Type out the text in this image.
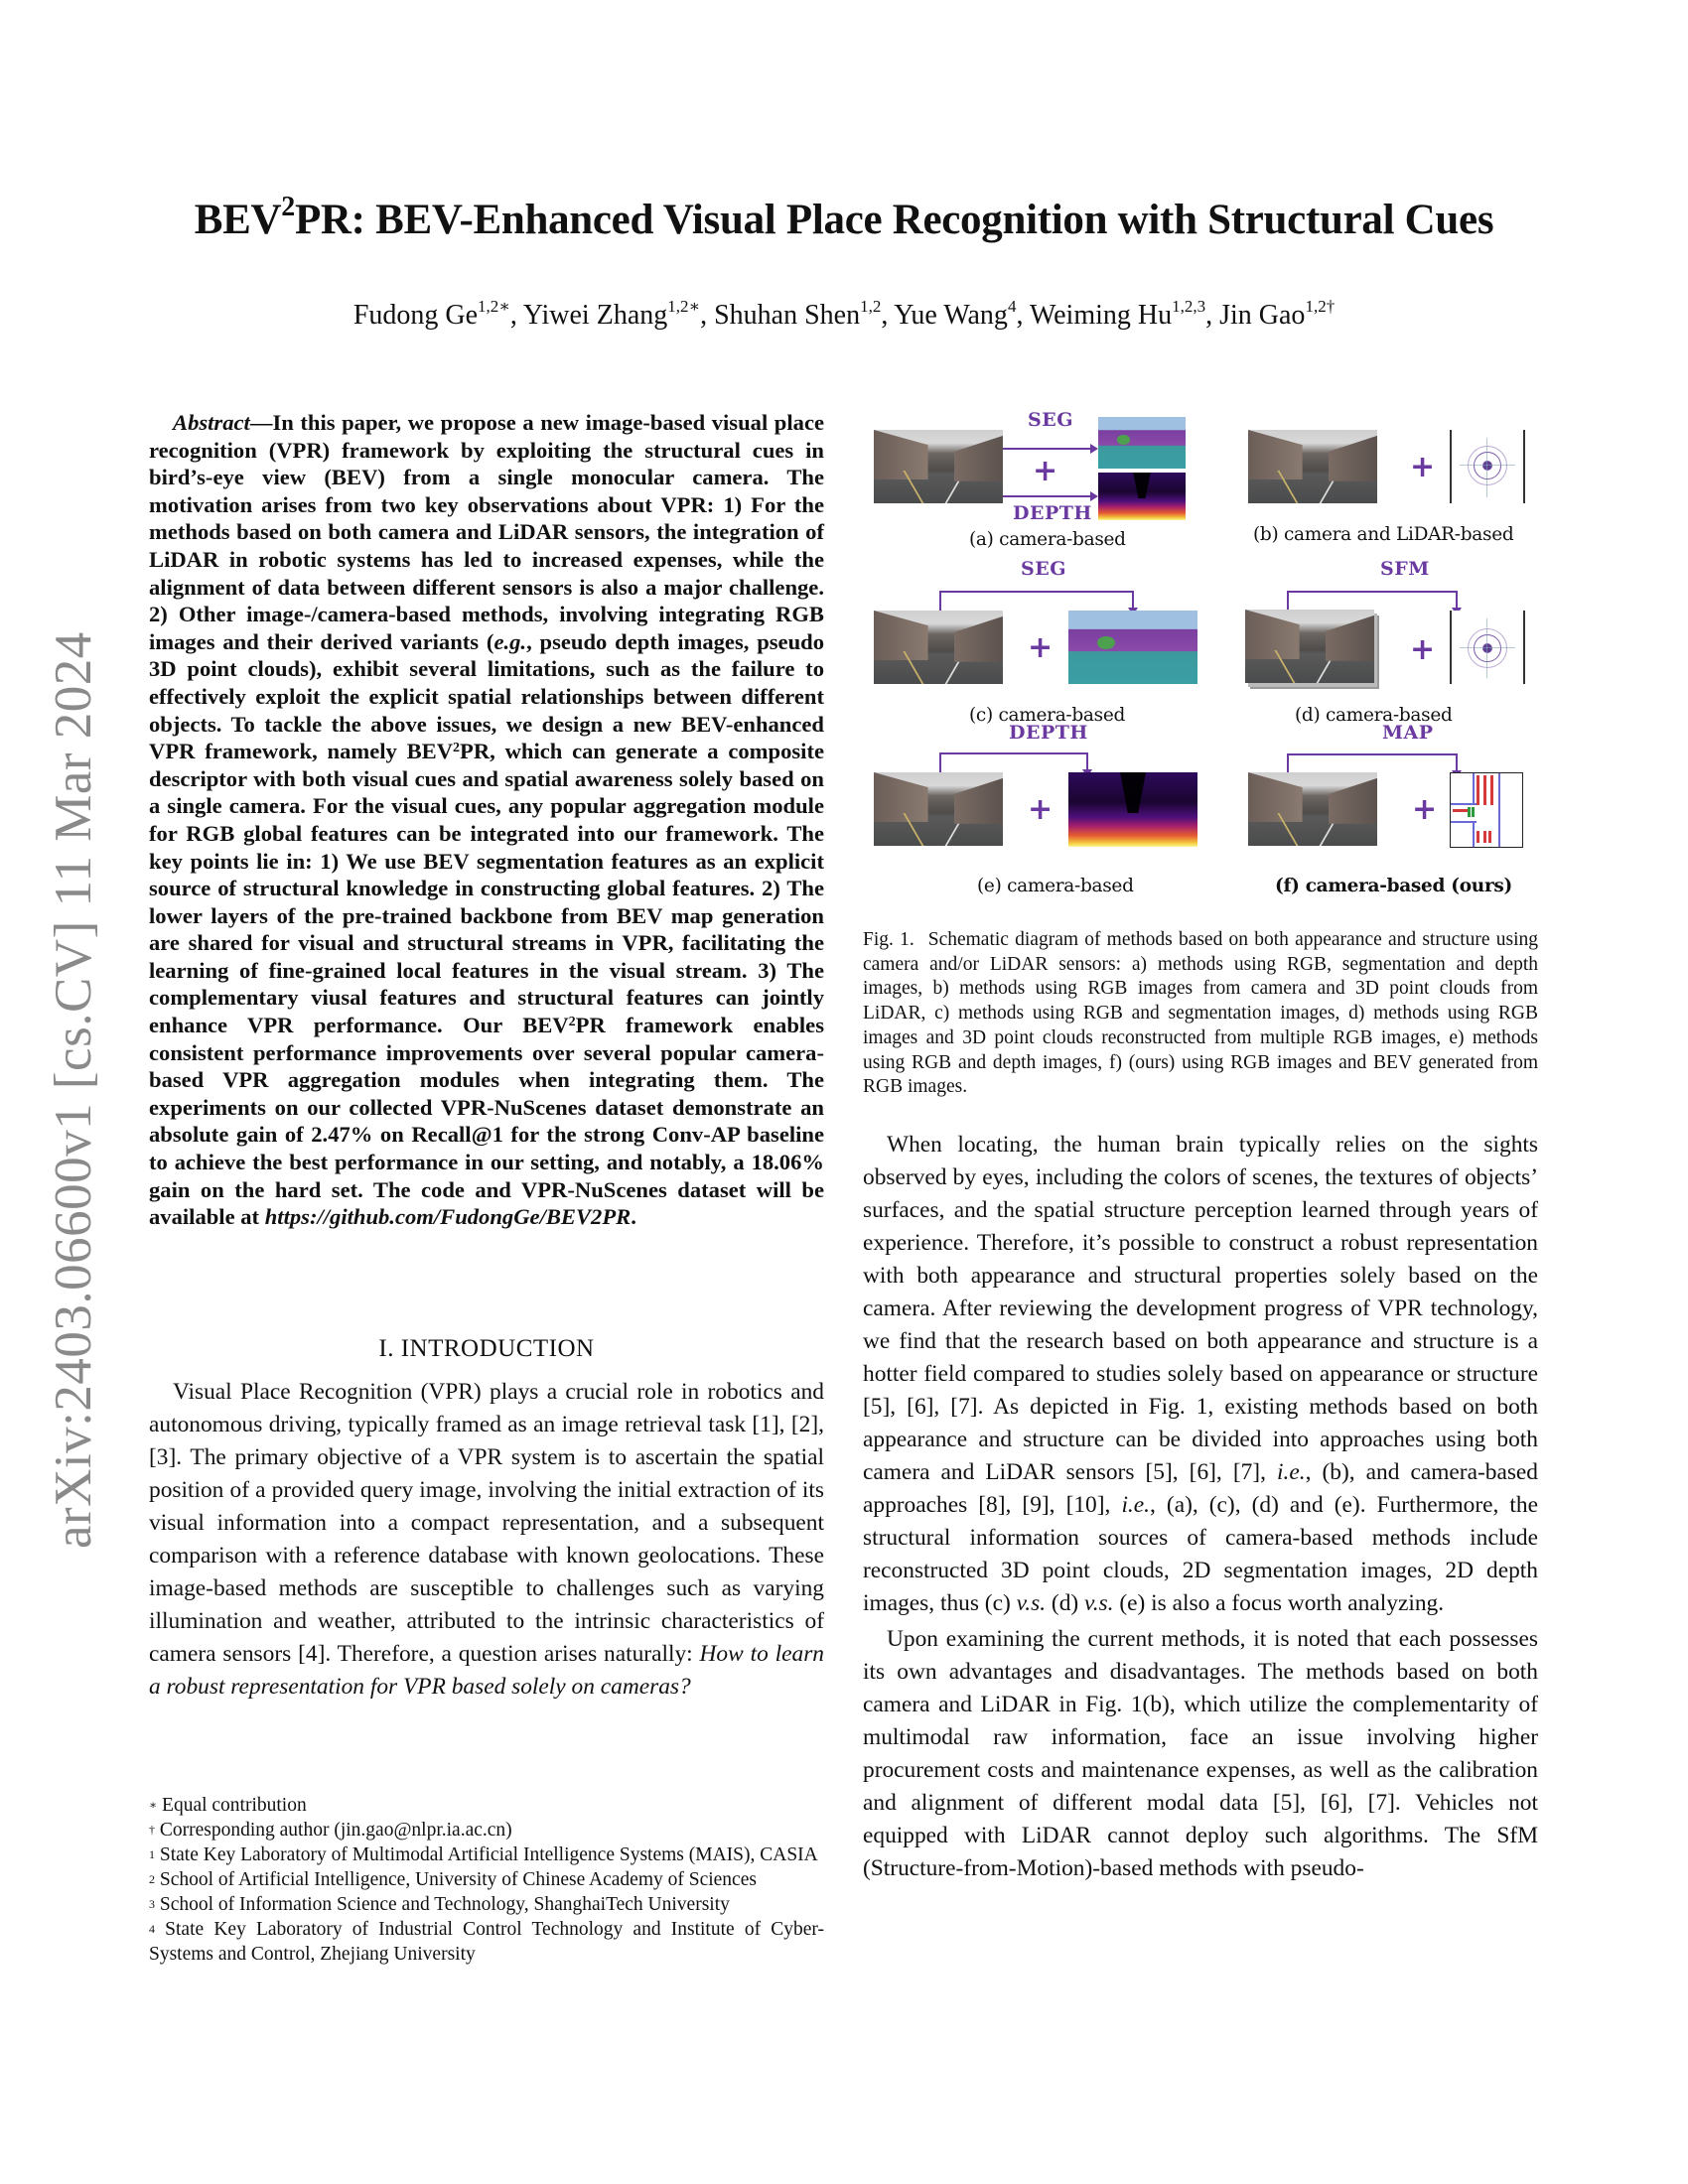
arXiv:2403.06600v1 [cs.CV] 11 Mar 2024
BEV$^2$PR: BEV-Enhanced Visual Place Recognition with Structural Cues
Fudong $Ge^{1,2∗}$, Yiwei Zhang$^{1,2∗}$, Shuhan Shen$^{1,2}$, Yue Wang$^4$, Weiming Hu$^{1,2,3}$, Jin Gao$^{1,2\dagger}$

Abstract—In this paper, we propose a new image-based visual place recognition (VPR) framework by exploiting the structural cues in bird’s-eye view (BEV) from a single monocular camera. The motivation arises from two key observations about VPR: 1) For the methods based on both camera and LiDAR sensors, the integration of LiDAR in robotic systems has led to increased expenses, while the alignment of data between different sensors is also a major challenge. 2) Other image-/camera-based methods, involving integrating RGB images and their derived variants (e.g., pseudo depth images, pseudo 3D point clouds), exhibit several limitations, such as the failure to effectively exploit the explicit spatial relationships between different objects. To tackle the above issues, we design a new BEV-enhanced VPR framework, namely BEV$^2$PR, which can generate a composite descriptor with both visual cues and spatial awareness solely based on a single camera. For the visual cues, any popular aggregation module for RGB global features can be integrated into our framework. The key points lie in: 1) We use BEV segmentation features as an explicit source of structural knowledge in constructing global features. 2) The lower layers of the pre-trained backbone from BEV map generation are shared for visual and structural streams in VPR, facilitating the learning of fine-grained local features in the visual stream. 3) The complementary viusal features and structural features can jointly enhance VPR performance. Our BEV$^2$PR framework enables consistent performance improvements over several popular camera-based VPR aggregation modules when integrating them. The experiments on our collected VPR-NuScenes dataset demonstrate an absolute gain of 2.47% on Recall@1 for the strong Conv-AP baseline to achieve the best performance in our setting, and notably, a 18.06% gain on the hard set. The code and VPR-NuScenes dataset will be available at https://github.com/FudongGe/BEV2PR.

I. INTRODUCTION

Visual Place Recognition (VPR) plays a crucial role in robotics and autonomous driving, typically framed as an image retrieval task [1], [2], [3]. The primary objective of a VPR system is to ascertain the spatial position of a provided query image, involving the initial extraction of its visual information into a compact representation, and a subsequent comparison with a reference database with known geolocations. These image-based methods are susceptible to challenges such as varying illumination and weather, attributed to the intrinsic characteristics of camera sensors [4]. Therefore, a question arises naturally: How to learn a robust representation for VPR based solely on cameras?

∗ Equal contribution
† Corresponding author (jin.gao@nlpr.ia.ac.cn)
$^1$ State Key Laboratory of Multimodal Artificial Intelligence Systems (MAIS), CASIA
$^2$ School of Artificial Intelligence, University of Chinese Academy of Sciences
$^3$ School of Information Science and Technology, ShanghaiTech University
$^4$ State Key Laboratory of Industrial Control Technology and Institute of Cyber-Systems and Control, Zhejiang University
SEG
+
DEPTH
(a) camera-based
+
(b) camera and LiDAR-based
SEG
+
(c) camera-based
SFM
+
(d) camera-based
DEPTH
+
(e) camera-based
MAP
+
(f) camera-based (ours)
Fig. 1. Schematic diagram of methods based on both appearance and structure using camera and/or LiDAR sensors: a) methods using RGB, segmentation and depth images, b) methods using RGB images from camera and 3D point clouds from LiDAR, c) methods using RGB and segmentation images, d) methods using RGB images and 3D point clouds reconstructed from multiple RGB images, e) methods using RGB and depth images, f) (ours) using RGB images and BEV generated from RGB images.

When locating, the human brain typically relies on the sights observed by eyes, including the colors of scenes, the textures of objects’ surfaces, and the spatial structure perception learned through years of experience. Therefore, it’s possible to construct a robust representation with both appearance and structural properties solely based on the camera. After reviewing the development progress of VPR technology, we find that the research based on both appearance and structure is a hotter field compared to studies solely based on appearance or structure [5], [6], [7]. As depicted in Fig. 1, existing methods based on both appearance and structure can be divided into approaches using both camera and LiDAR sensors [5], [6], [7], i.e., (b), and camera-based approaches [8], [9], [10], i.e., (a), (c), (d) and (e). Furthermore, the structural information sources of camera-based methods include reconstructed 3D point clouds, 2D segmentation images, 2D depth images, thus (c) v.s. (d) v.s. (e) is also a focus worth analyzing.

Upon examining the current methods, it is noted that each possesses its own advantages and disadvantages. The methods based on both camera and LiDAR in Fig. 1(b), which utilize the complementarity of multimodal raw information, face an issue involving higher procurement costs and maintenance expenses, as well as the calibration and alignment of different modal data [5], [6], [7]. Vehicles not equipped with LiDAR cannot deploy such algorithms. The SfM (Structure-from-Motion)-based methods with pseudo-
